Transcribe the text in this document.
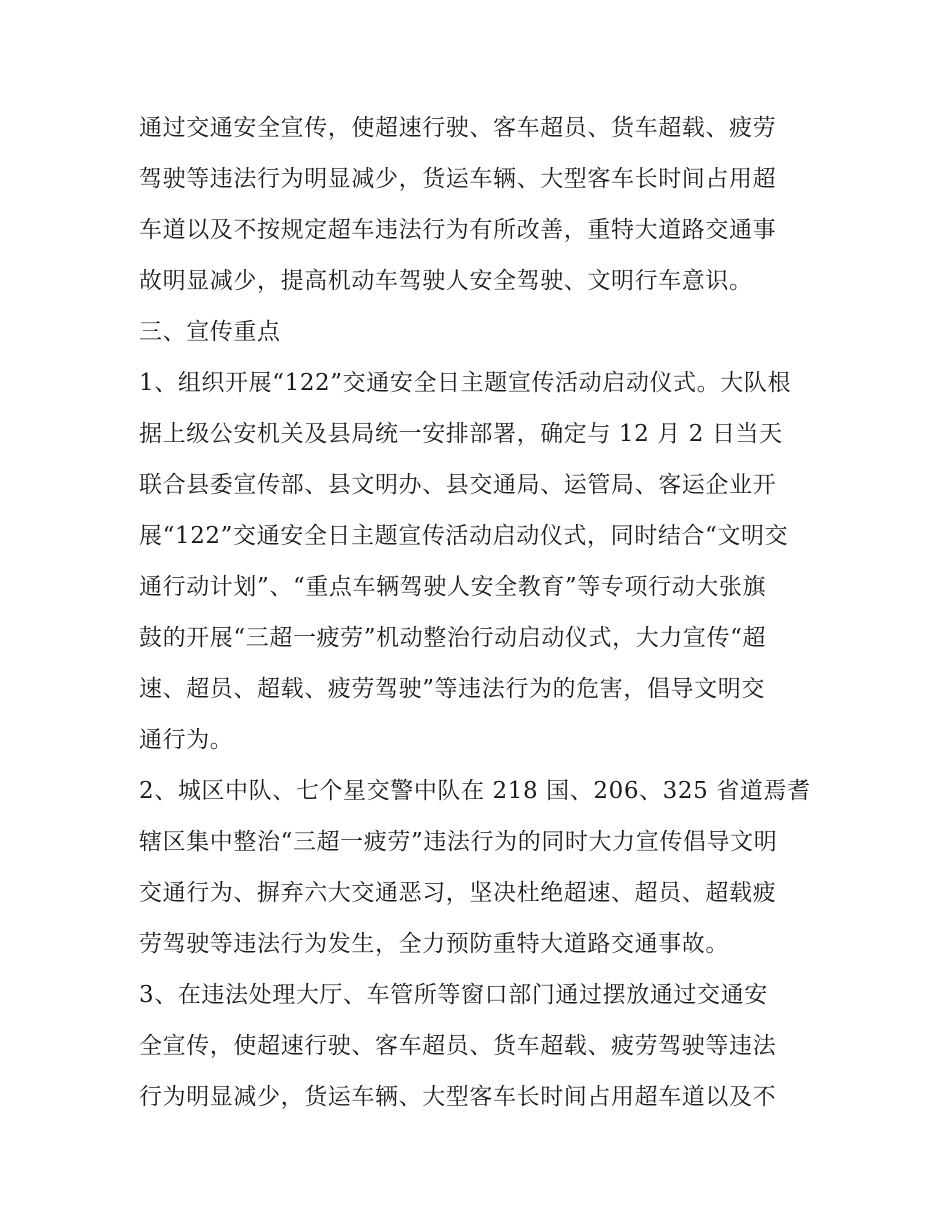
通过交通安全宣传，使超速行驶、客车超员、货车超载、疲劳
驾驶等违法行为明显减少，货运车辆、大型客车长时间占用超
车道以及不按规定超车违法行为有所改善，重特大道路交通事
故明显减少，提高机动车驾驶人安全驾驶、文明行车意识。
三、宣传重点
1、组织开展“122”交通安全日主题宣传活动启动仪式。大队根
据上级公安机关及县局统一安排部署，确定与 12 月 2 日当天
联合县委宣传部、县文明办、县交通局、运管局、客运企业开
展“122”交通安全日主题宣传活动启动仪式，同时结合“文明交
通行动计划”、“重点车辆驾驶人安全教育”等专项行动大张旗
鼓的开展“三超一疲劳”机动整治行动启动仪式，大力宣传“超
速、超员、超载、疲劳驾驶”等违法行为的危害，倡导文明交
通行为。
2、城区中队、七个星交警中队在 218 国、206、325 省道焉耆
辖区集中整治“三超一疲劳”违法行为的同时大力宣传倡导文明
交通行为、摒弃六大交通恶习，坚决杜绝超速、超员、超载疲
劳驾驶等违法行为发生，全力预防重特大道路交通事故。
3、在违法处理大厅、车管所等窗口部门通过摆放通过交通安
全宣传，使超速行驶、客车超员、货车超载、疲劳驾驶等违法
行为明显减少，货运车辆、大型客车长时间占用超车道以及不
